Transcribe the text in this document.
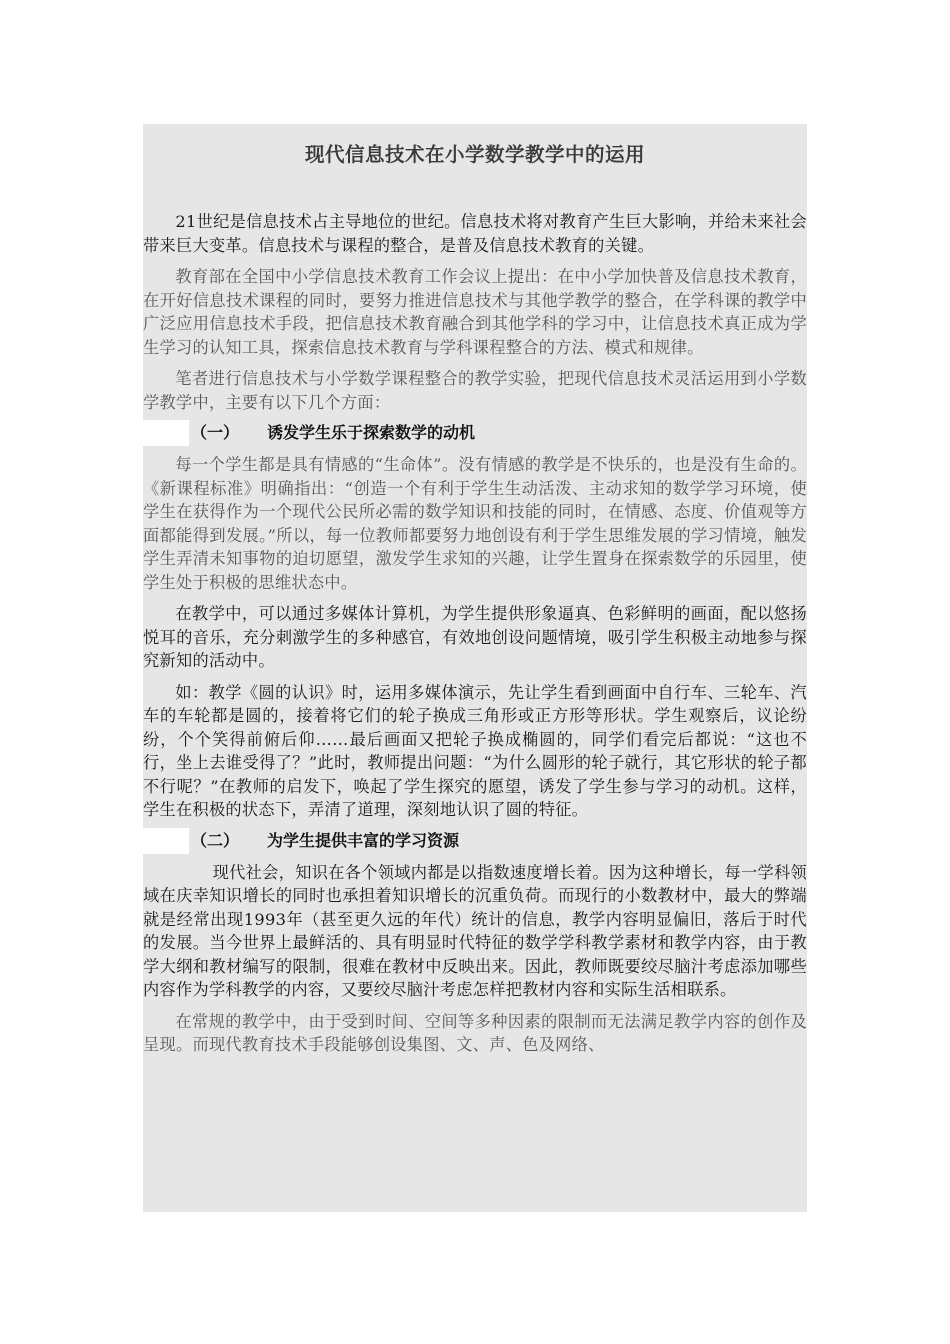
现代信息技术在小学数学教学中的运用

21世纪是信息技术占主导地位的世纪。信息技术将对教育产生巨大影响，并给未来社会带来巨大变革。信息技术与课程的整合，是普及信息技术教育的关键。

教育部在全国中小学信息技术教育工作会议上提出：在中小学加快普及信息技术教育，在开好信息技术课程的同时，要努力推进信息技术与其他学教学的整合，在学科课的教学中广泛应用信息技术手段，把信息技术教育融合到其他学科的学习中，让信息技术真正成为学生学习的认知工具，探索信息技术教育与学科课程整合的方法、模式和规律。

笔者进行信息技术与小学数学课程整合的教学实验，把现代信息技术灵活运用到小学数学教学中，主要有以下几个方面：

（一） 诱发学生乐于探索数学的动机

每一个学生都是具有情感的“生命体”。没有情感的教学是不快乐的，也是没有生命的。《新课程标准》明确指出：“创造一个有利于学生生动活泼、主动求知的数学学习环境，使学生在获得作为一个现代公民所必需的数学知识和技能的同时，在情感、态度、价值观等方面都能得到发展。”所以，每一位教师都要努力地创设有利于学生思维发展的学习情境，触发学生弄清未知事物的迫切愿望，激发学生求知的兴趣，让学生置身在探索数学的乐园里，使学生处于积极的思维状态中。

在教学中，可以通过多媒体计算机，为学生提供形象逼真、色彩鲜明的画面，配以悠扬悦耳的音乐，充分刺激学生的多种感官，有效地创设问题情境，吸引学生积极主动地参与探究新知的活动中。

如：教学《圆的认识》时，运用多媒体演示，先让学生看到画面中自行车、三轮车、汽车的车轮都是圆的，接着将它们的轮子换成三角形或正方形等形状。学生观察后，议论纷纷，个个笑得前俯后仰……最后画面又把轮子换成椭圆的，同学们看完后都说：“这也不行，坐上去谁受得了？”此时，教师提出问题：“为什么圆形的轮子就行，其它形状的轮子都不行呢？”在教师的启发下，唤起了学生探究的愿望，诱发了学生参与学习的动机。这样，学生在积极的状态下，弄清了道理，深刻地认识了圆的特征。

（二） 为学生提供丰富的学习资源

现代社会，知识在各个领域内都是以指数速度增长着。因为这种增长，每一学科领域在庆幸知识增长的同时也承担着知识增长的沉重负荷。而现行的小数教材中，最大的弊端就是经常出现1993年（甚至更久远的年代）统计的信息，教学内容明显偏旧，落后于时代的发展。当今世界上最鲜活的、具有明显时代特征的数学学科教学素材和教学内容，由于教学大纲和教材编写的限制，很难在教材中反映出来。因此，教师既要绞尽脑汁考虑添加哪些内容作为学科教学的内容，又要绞尽脑汁考虑怎样把教材内容和实际生活相联系。

在常规的教学中，由于受到时间、空间等多种因素的限制而无法满足教学内容的创作及呈现。而现代教育技术手段能够创设集图、文、声、色及网络、
